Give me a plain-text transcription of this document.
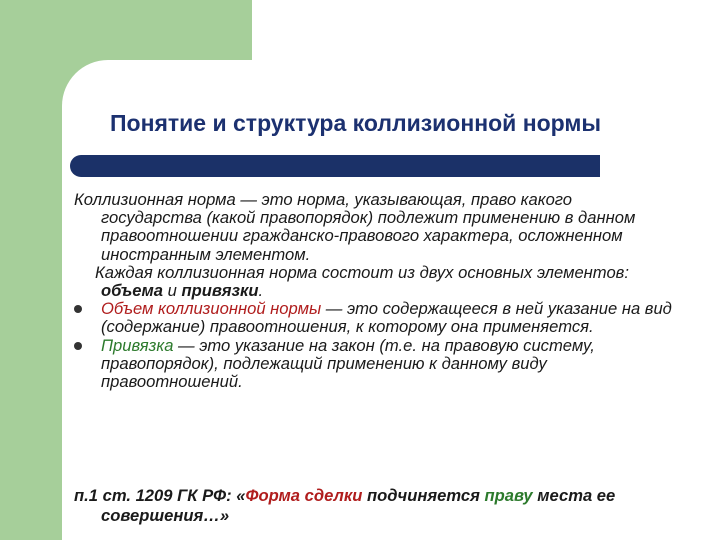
Понятие и структура коллизионной нормы
Коллизионная норма — это норма, указывающая, право какого государства (какой правопорядок) подлежит применению в данном правоотношении гражданско-правового характера, осложненном иностранным элементом.
Каждая коллизионная норма состоит из двух основных элементов: объема и привязки.
Объем коллизионной нормы — это содержащееся в ней указание на вид (содержание) правоотношения, к которому она применяется.
Привязка — это указание на закон (т.е. на правовую систему, правопорядок), подлежащий применению к данному виду правоотношений.
п.1 ст. 1209 ГК РФ: «Форма сделки подчиняется праву места ее совершения…»
